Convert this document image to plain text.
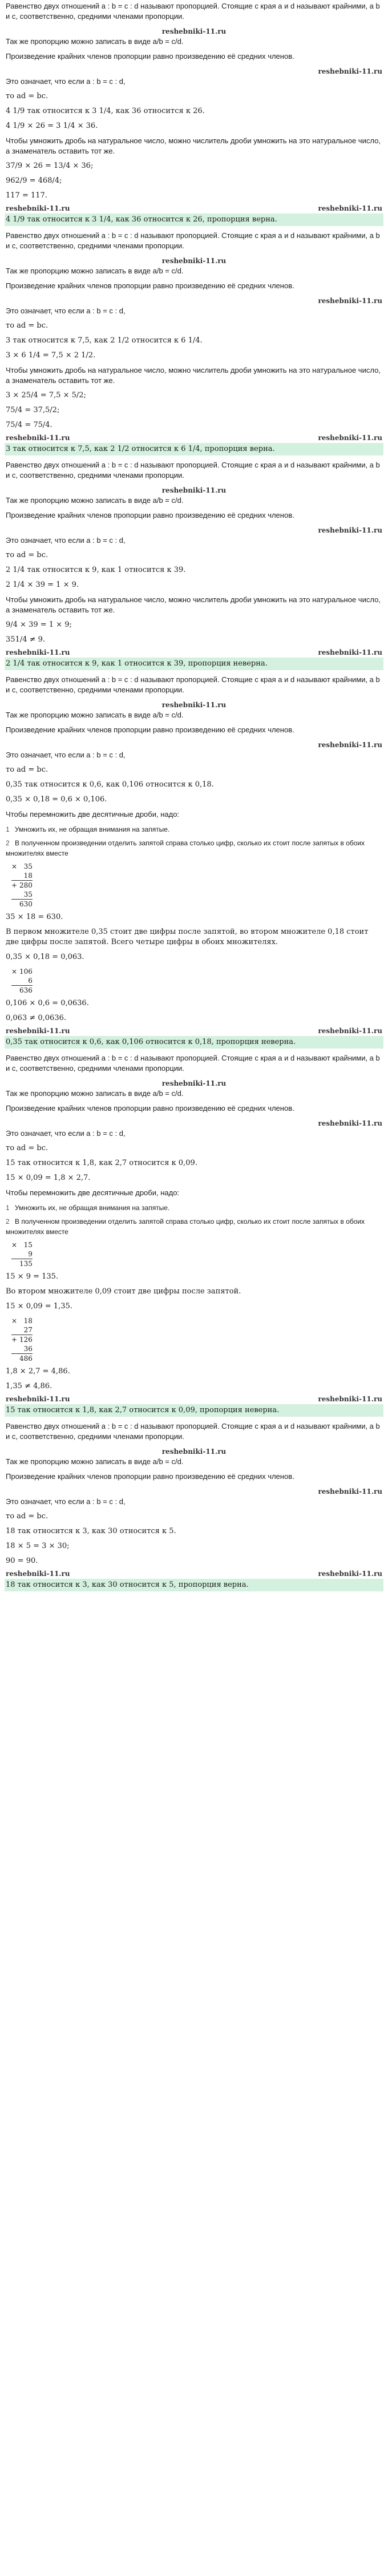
Равенство двух отношений a : b = c : d называют пропорцией. Стоящие с края a и d называют крайними, а b и c, соответственно, средними членами пропорции.

reshebniki-11.ru

Так же пропорцию можно записать в виде a/b = c/d.

Произведение крайних членов пропорции равно произведению её средних членов.

reshebniki-11.ru

Это означает, что если a : b = c : d,

то ad = bc.

4 1/9 так относится к 3 1/4, как 36 относится к 26.

4 1/9 × 26 = 3 1/4 × 36.

Чтобы умножить дробь на натуральное число, можно числитель дроби умножить на это натуральное число, а знаменатель оставить тот же.

37/9 × 26 = 13/4 × 36;

962/9 = 468/4;

117 = 117.

reshebniki-11.ru	reshebniki-11.ru

4 1/9 так относится к 3 1/4, как 36 относится к 26, пропорция верна.

Равенство двух отношений a : b = c : d называют пропорцией. Стоящие с края a и d называют крайними, а b и c, соответственно, средними членами пропорции.

reshebniki-11.ru

Так же пропорцию можно записать в виде a/b = c/d.

Произведение крайних членов пропорции равно произведению её средних членов.

reshebniki-11.ru

Это означает, что если a : b = c : d,

то ad = bc.

3 так относится к 7,5, как 2 1/2 относится к 6 1/4.

3 × 6 1/4 = 7,5 × 2 1/2.

Чтобы умножить дробь на натуральное число, можно числитель дроби умножить на это натуральное число, а знаменатель оставить тот же.

3 × 25/4 = 7,5 × 5/2;

75/4 = 37,5/2;

75/4 = 75/4.

reshebniki-11.ru	reshebniki-11.ru

3 так относится к 7,5, как 2 1/2 относится к 6 1/4, пропорция верна.

Равенство двух отношений a : b = c : d называют пропорцией. Стоящие с края a и d называют крайними, а b и c, соответственно, средними членами пропорции.

reshebniki-11.ru

Так же пропорцию можно записать в виде a/b = c/d.

Произведение крайних членов пропорции равно произведению её средних членов.

reshebniki-11.ru

Это означает, что если a : b = c : d,

то ad = bc.

2 1/4 так относится к 9, как 1 относится к 39.

2 1/4 × 39 = 1 × 9.

Чтобы умножить дробь на натуральное число, можно числитель дроби умножить на это натуральное число, а знаменатель оставить тот же.

9/4 × 39 = 1 × 9;

351/4 ≠ 9.

reshebniki-11.ru	reshebniki-11.ru

2 1/4 так относится к 9, как 1 относится к 39, пропорция неверна.

Равенство двух отношений a : b = c : d называют пропорцией. Стоящие с края a и d называют крайними, а b и c, соответственно, средними членами пропорции.

reshebniki-11.ru

Так же пропорцию можно записать в виде a/b = c/d.

Произведение крайних членов пропорции равно произведению её средних членов.

reshebniki-11.ru

Это означает, что если a : b = c : d,

то ad = bc.

0,35 так относится к 0,6, как 0,106 относится к 0,18.

0,35 × 0,18 = 0,6 × 0,106.

Чтобы перемножить две десятичные дроби, надо:

1 Умножить их, не обращая внимания на запятые.
2 В полученном произведении отделить запятой справа столько цифр, сколько их стоит после запятых в обоих множителях вместе
× 35
18
+ 280
35
630

35 × 18 = 630.

В первом множителе 0,35 стоит две цифры после запятой, во втором множителе 0,18 стоит две цифры после запятой. Всего четыре цифры в обоих множителях.

0,35 × 0,18 = 0,063.

× 106
6
636

0,106 × 0,6 = 0,0636.

0,063 ≠ 0,0636.

reshebniki-11.ru	reshebniki-11.ru

0,35 так относится к 0,6, как 0,106 относится к 0,18, пропорция неверна.

Равенство двух отношений a : b = c : d называют пропорцией. Стоящие с края a и d называют крайними, а b и c, соответственно, средними членами пропорции.

reshebniki-11.ru

Так же пропорцию можно записать в виде a/b = c/d.

Произведение крайних членов пропорции равно произведению её средних членов.

reshebniki-11.ru

Это означает, что если a : b = c : d,

то ad = bc.

15 так относится к 1,8, как 2,7 относится к 0,09.

15 × 0,09 = 1,8 × 2,7.

Чтобы перемножить две десятичные дроби, надо:

1 Умножить их, не обращая внимания на запятые.
2 В полученном произведении отделить запятой справа столько цифр, сколько их стоит после запятых в обоих множителях вместе
× 15
9
135

15 × 9 = 135.

Во втором множителе 0,09 стоит две цифры после запятой.

15 × 0,09 = 1,35.

× 18
27
+ 126
36
486

1,8 × 2,7 = 4,86.

1,35 ≠ 4,86.

reshebniki-11.ru	reshebniki-11.ru

15 так относится к 1,8, как 2,7 относится к 0,09, пропорция неверна.

Равенство двух отношений a : b = c : d называют пропорцией. Стоящие с края a и d называют крайними, а b и c, соответственно, средними членами пропорции.

reshebniki-11.ru

Так же пропорцию можно записать в виде a/b = c/d.

Произведение крайних членов пропорции равно произведению её средних членов.

reshebniki-11.ru

Это означает, что если a : b = c : d,

то ad = bc.

18 так относится к 3, как 30 относится к 5.

18 × 5 = 3 × 30;

90 = 90.

reshebniki-11.ru	reshebniki-11.ru

18 так относится к 3, как 30 относится к 5, пропорция верна.
